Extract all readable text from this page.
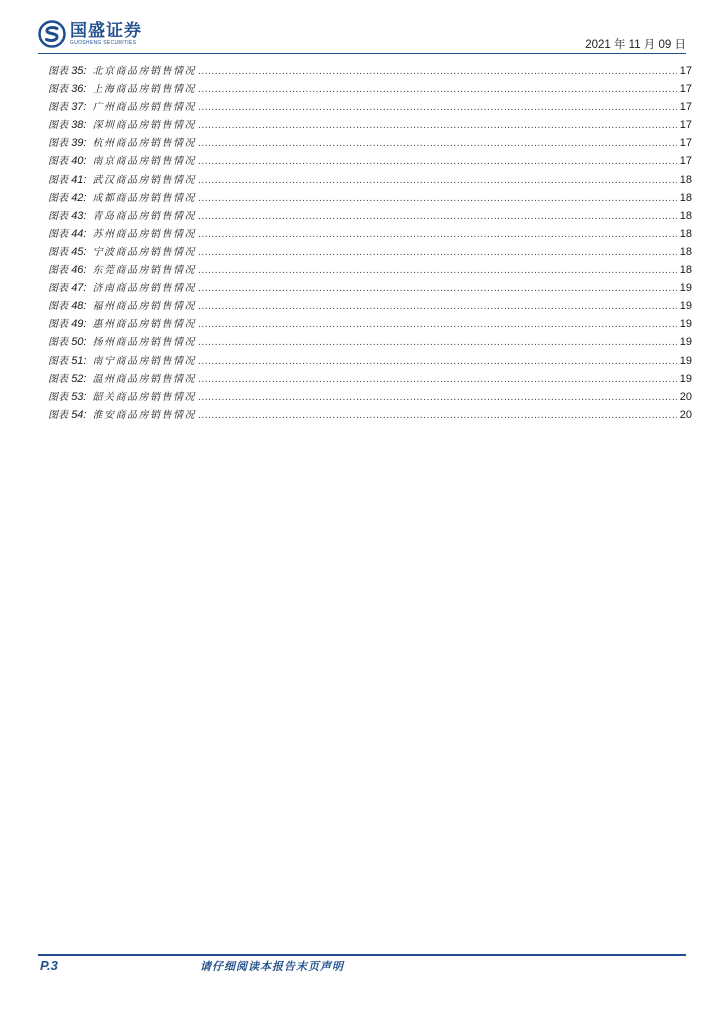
国盛证券
GUOSHENG SECURITIES	2021 年 11 月 09 日
图表 35: 北京商品房销售情况 .....	17
图表 36: 上海商品房销售情况 .....	17
图表 37: 广州商品房销售情况 .....	17
图表 38: 深圳商品房销售情况 .....	17
图表 39: 杭州商品房销售情况 .....	17
图表 40: 南京商品房销售情况 .....	17
图表 41: 武汉商品房销售情况 .....	18
图表 42: 成都商品房销售情况 .....	18
图表 43: 青岛商品房销售情况 .....	18
图表 44: 苏州商品房销售情况 .....	18
图表 45: 宁波商品房销售情况 .....	18
图表 46: 东莞商品房销售情况 .....	18
图表 47: 济南商品房销售情况 .....	19
图表 48: 福州商品房销售情况 .....	19
图表 49: 惠州商品房销售情况 .....	19
图表 50: 扬州商品房销售情况 .....	19
图表 51: 南宁商品房销售情况 .....	19
图表 52: 温州商品房销售情况 .....	19
图表 53: 韶关商品房销售情况 .....	20
图表 54: 淮安商品房销售情况 .....	20
P.3	请仔细阅读本报告末页声明
